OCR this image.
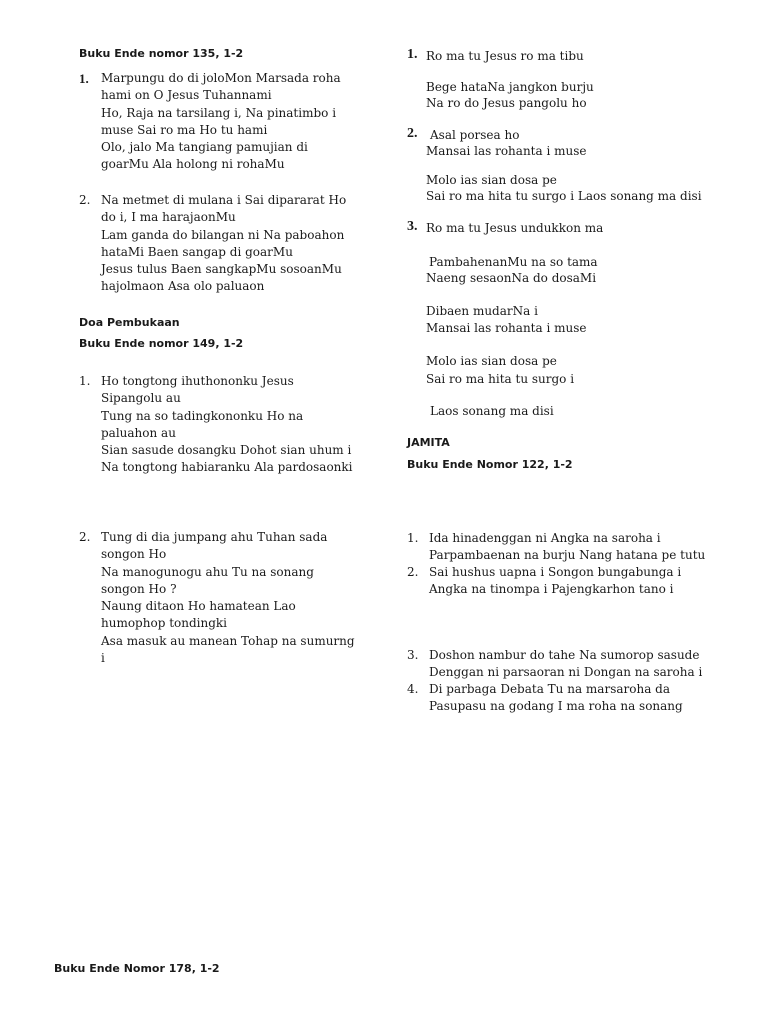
Buku Ende nomor 135, 1-2

1. Marpungu do di joloMon Marsada roha
hami on O Jesus Tuhannami
Ho, Raja na tarsilang i, Na pinatimbo i
muse Sai ro ma Ho tu hami
Olo, jalo Ma tangiang pamujian di
goarMu Ala holong ni rohaMu
2. Na metmet di mulana i Sai dipararat Ho
do i, I ma harajaonMu
Lam ganda do bilangan ni Na paboahon
hataMi Baen sangap di goarMu
Jesus tulus Baen sangkapMu sosoanMu
hajolmaon Asa olo paluaon

Doa Pembukaan

Buku Ende nomor 149, 1-2

1. Ho tongtong ihuthononku Jesus
Sipangolu au
Tung na so tadingkononku Ho na
paluahon au
Sian sasude dosangku Dohot sian uhum i
Na tongtong habiaranku Ala pardosaonki
2. Tung di dia jumpang ahu Tuhan sada
songon Ho
Na manogunogu ahu Tu na sonang
songon Ho ?
Naung ditaon Ho hamatean Lao
humophop tondingki
Asa masuk au manean Tohap na sumurng
i

Buku Ende Nomor 178, 1-2

1. Ro ma tu Jesus ro ma tibu
Bege hataNa jangkon burju
Na ro do Jesus pangolu ho
2. Asal porsea ho
Mansai las rohanta i muse
Molo ias sian dosa pe
Sai ro ma hita tu surgo i Laos sonang ma disi
3. Ro ma tu Jesus undukkon ma
PambahenanMu na so tama
Naeng sesaonNa do dosaMi
Dibaen mudarNa i
Mansai las rohanta i muse
Molo ias sian dosa pe
Sai ro ma hita tu surgo i
Laos sonang ma disi

JAMITA

Buku Ende Nomor 122, 1-2

1. Ida hinadenggan ni Angka na saroha i
Parpambaenan na burju Nang hatana pe tutu
2. Sai hushus uapna i Songon bungabunga i
Angka na tinompa i Pajengkarhon tano i
3. Doshon nambur do tahe Na sumorop sasude
Denggan ni parsaoran ni Dongan na saroha i
4. Di parbaga Debata Tu na marsaroha da
Pasupasu na godang I ma roha na sonang
